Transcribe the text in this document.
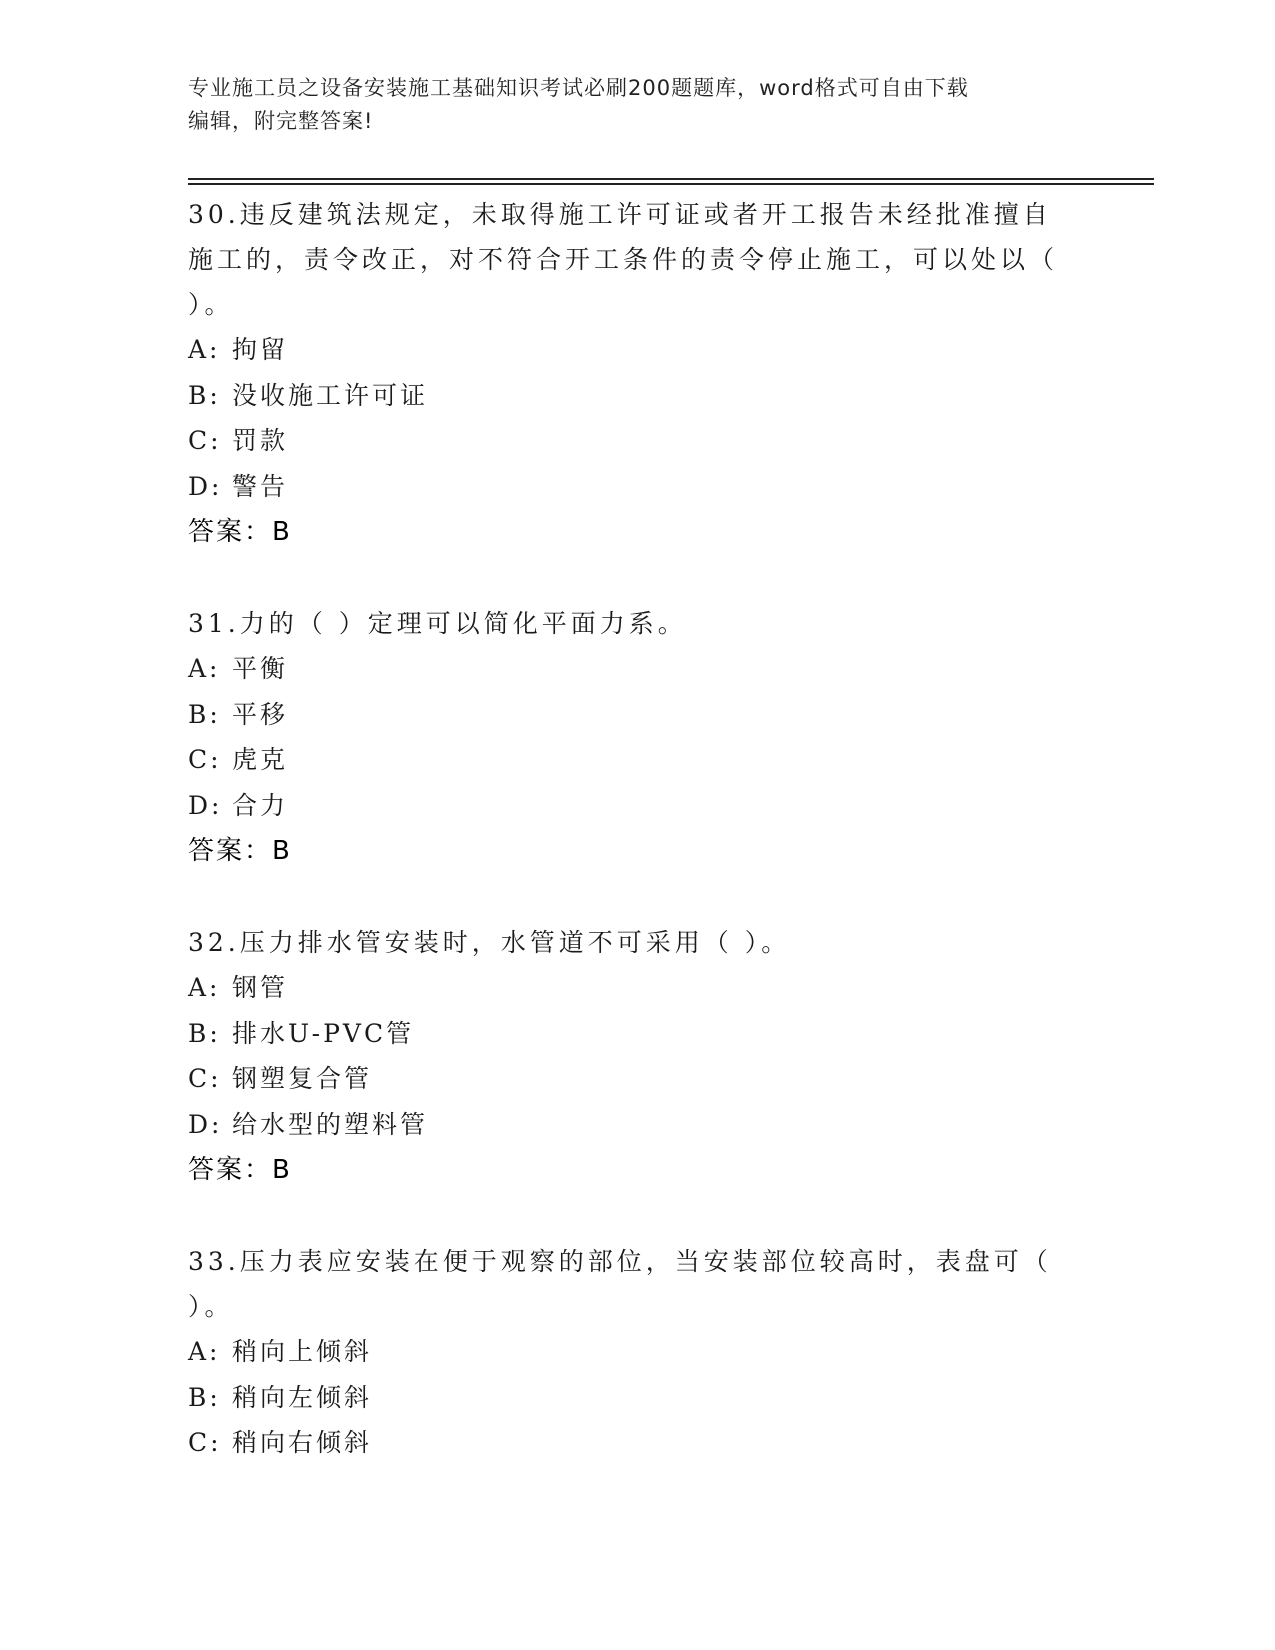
专业施工员之设备安装施工基础知识考试必刷200题题库，word格式可自由下载
编辑，附完整答案!

30.违反建筑法规定，未取得施工许可证或者开工报告未经批准擅自施工的，责令改正，对不符合开工条件的责令停止施工，可以处以（ ）。

A: 拘留
B: 没收施工许可证
C: 罚款
D: 警告
答案：B

31.力的（ ）定理可以简化平面力系。

A: 平衡
B: 平移
C: 虎克
D: 合力
答案：B

32.压力排水管安装时，水管道不可采用（ ）。

A: 钢管
B: 排水U-PVC管
C: 钢塑复合管
D: 给水型的塑料管
答案：B

33.压力表应安装在便于观察的部位，当安装部位较高时，表盘可（ ）。

A: 稍向上倾斜
B: 稍向左倾斜
C: 稍向右倾斜
